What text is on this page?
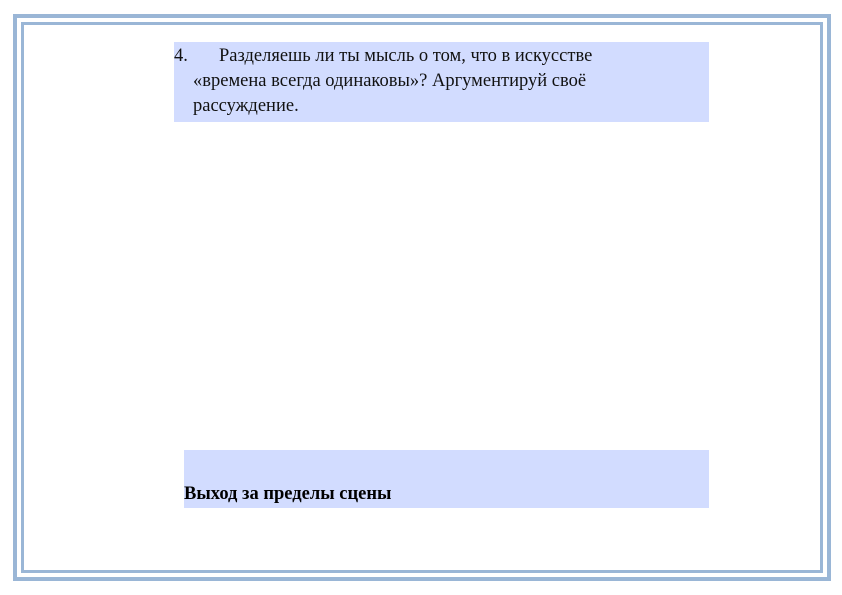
4. Разделяешь ли ты мысль о том, что в искусстве
«времена всегда одинаковы»? Аргументируй своё
рассуждение.
Выход за пределы сцены
